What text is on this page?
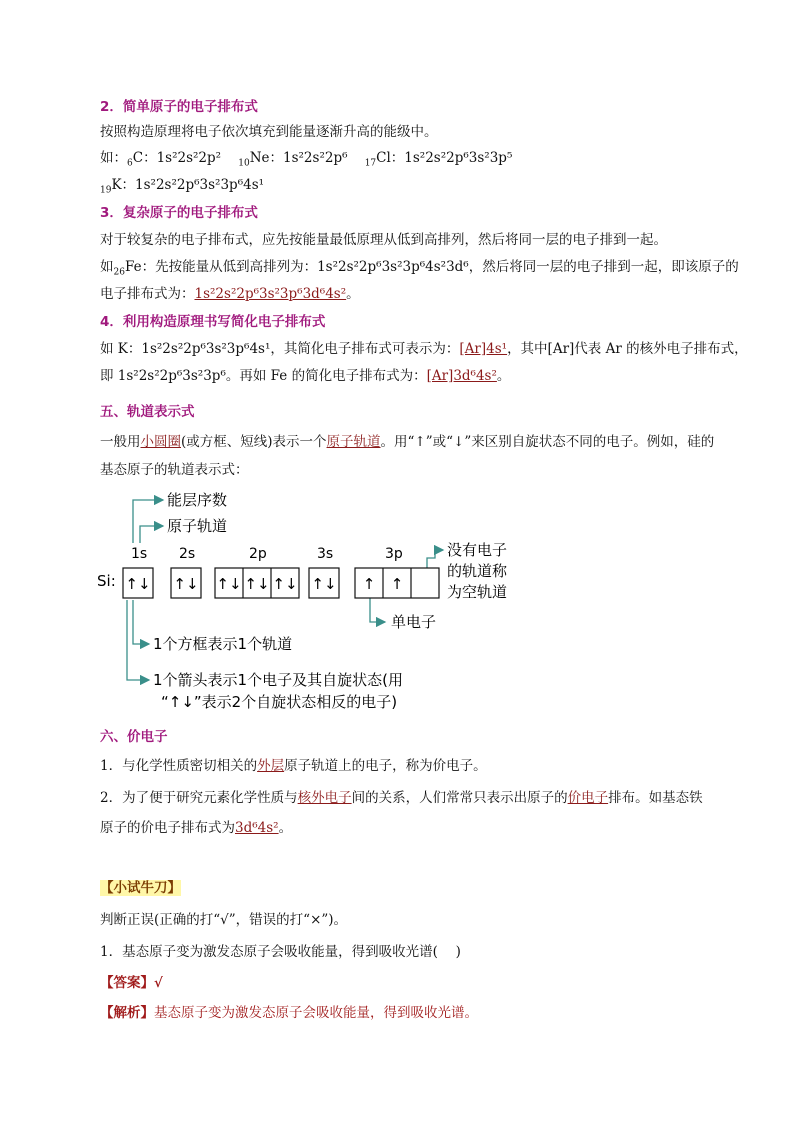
2．简单原子的电子排布式
按照构造原理将电子依次填充到能量逐渐升高的能级中。
如：$_6$C：1s²2s²2p² $_{10}$Ne：1s²2s²2p⁶ $_{17}$Cl：1s²2s²2p⁶3s²3p⁵
$_{19}$K：1s²2s²2p⁶3s²3p⁶4s¹
3．复杂原子的电子排布式
对于较复杂的电子排布式，应先按能量最低原理从低到高排列，然后将同一层的电子排到一起。
如$_{26}$Fe：先按能量从低到高排列为：1s²2s²2p⁶3s²3p⁶4s²3d⁶，然后将同一层的电子排到一起，即该原子的
电子排布式为：1s²2s²2p⁶3s²3p⁶3d⁶4s²。
4．利用构造原理书写简化电子排布式
如 K：1s²2s²2p⁶3s²3p⁶4s¹，其简化电子排布式可表示为：[Ar]4s¹，其中[Ar]代表 Ar 的核外电子排布式，
即 1s²2s²2p⁶3s²3p⁶。再如 Fe 的简化电子排布式为：[Ar]3d⁶4s²。
五、轨道表示式
一般用小圆圈(或方框、短线)表示一个原子轨道。用“↑”或“↓”来区别自旋状态不同的电子。例如，硅的
基态原子的轨道表示式：
能层序数
原子轨道
1s 2s	2p	3s	3p
Si: ↑↓ ↑↓ ↑↓ ↑↓ ↑↓ ↑↓ ↑ ↑
没有电子
的轨道称
为空轨道
单电子
1个方框表示1个轨道
1个箭头表示1个电子及其自旋状态(用
“↑↓”表示2个自旋状态相反的电子)
六、价电子
1．与化学性质密切相关的外层原子轨道上的电子，称为价电子。
2．为了便于研究元素化学性质与核外电子间的关系，人们常常只表示出原子的价电子排布。如基态铁
原子的价电子排布式为3d⁶4s²。
【小试牛刀】
判断正误(正确的打“√”，错误的打“×”)。
1．基态原子变为激发态原子会吸收能量，得到吸收光谱(　 )
【答案】√
【解析】基态原子变为激发态原子会吸收能量，得到吸收光谱。
